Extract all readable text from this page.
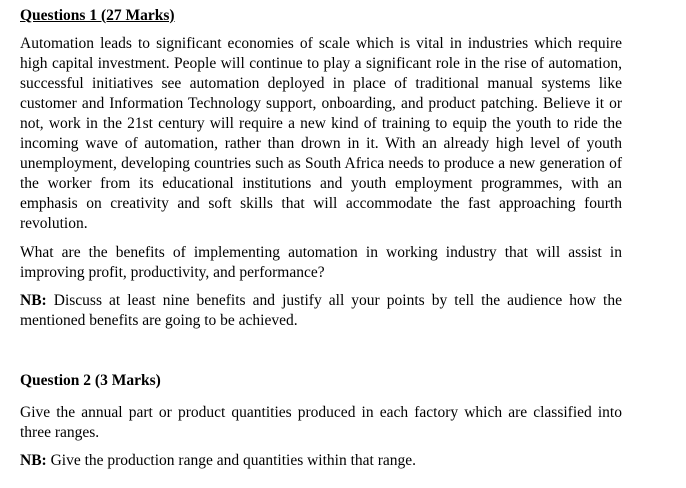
Questions 1 (27 Marks)

Automation leads to significant economies of scale which is vital in industries which require high capital investment. People will continue to play a significant role in the rise of automation, successful initiatives see automation deployed in place of traditional manual systems like customer and Information Technology support, onboarding, and product patching. Believe it or not, work in the 21st century will require a new kind of training to equip the youth to ride the incoming wave of automation, rather than drown in it. With an already high level of youth unemployment, developing countries such as South Africa needs to produce a new generation of the worker from its educational institutions and youth employment programmes, with an emphasis on creativity and soft skills that will accommodate the fast approaching fourth revolution.

What are the benefits of implementing automation in working industry that will assist in improving profit, productivity, and performance?

NB: Discuss at least nine benefits and justify all your points by tell the audience how the mentioned benefits are going to be achieved.

Question 2 (3 Marks)

Give the annual part or product quantities produced in each factory which are classified into three ranges.

NB: Give the production range and quantities within that range.
